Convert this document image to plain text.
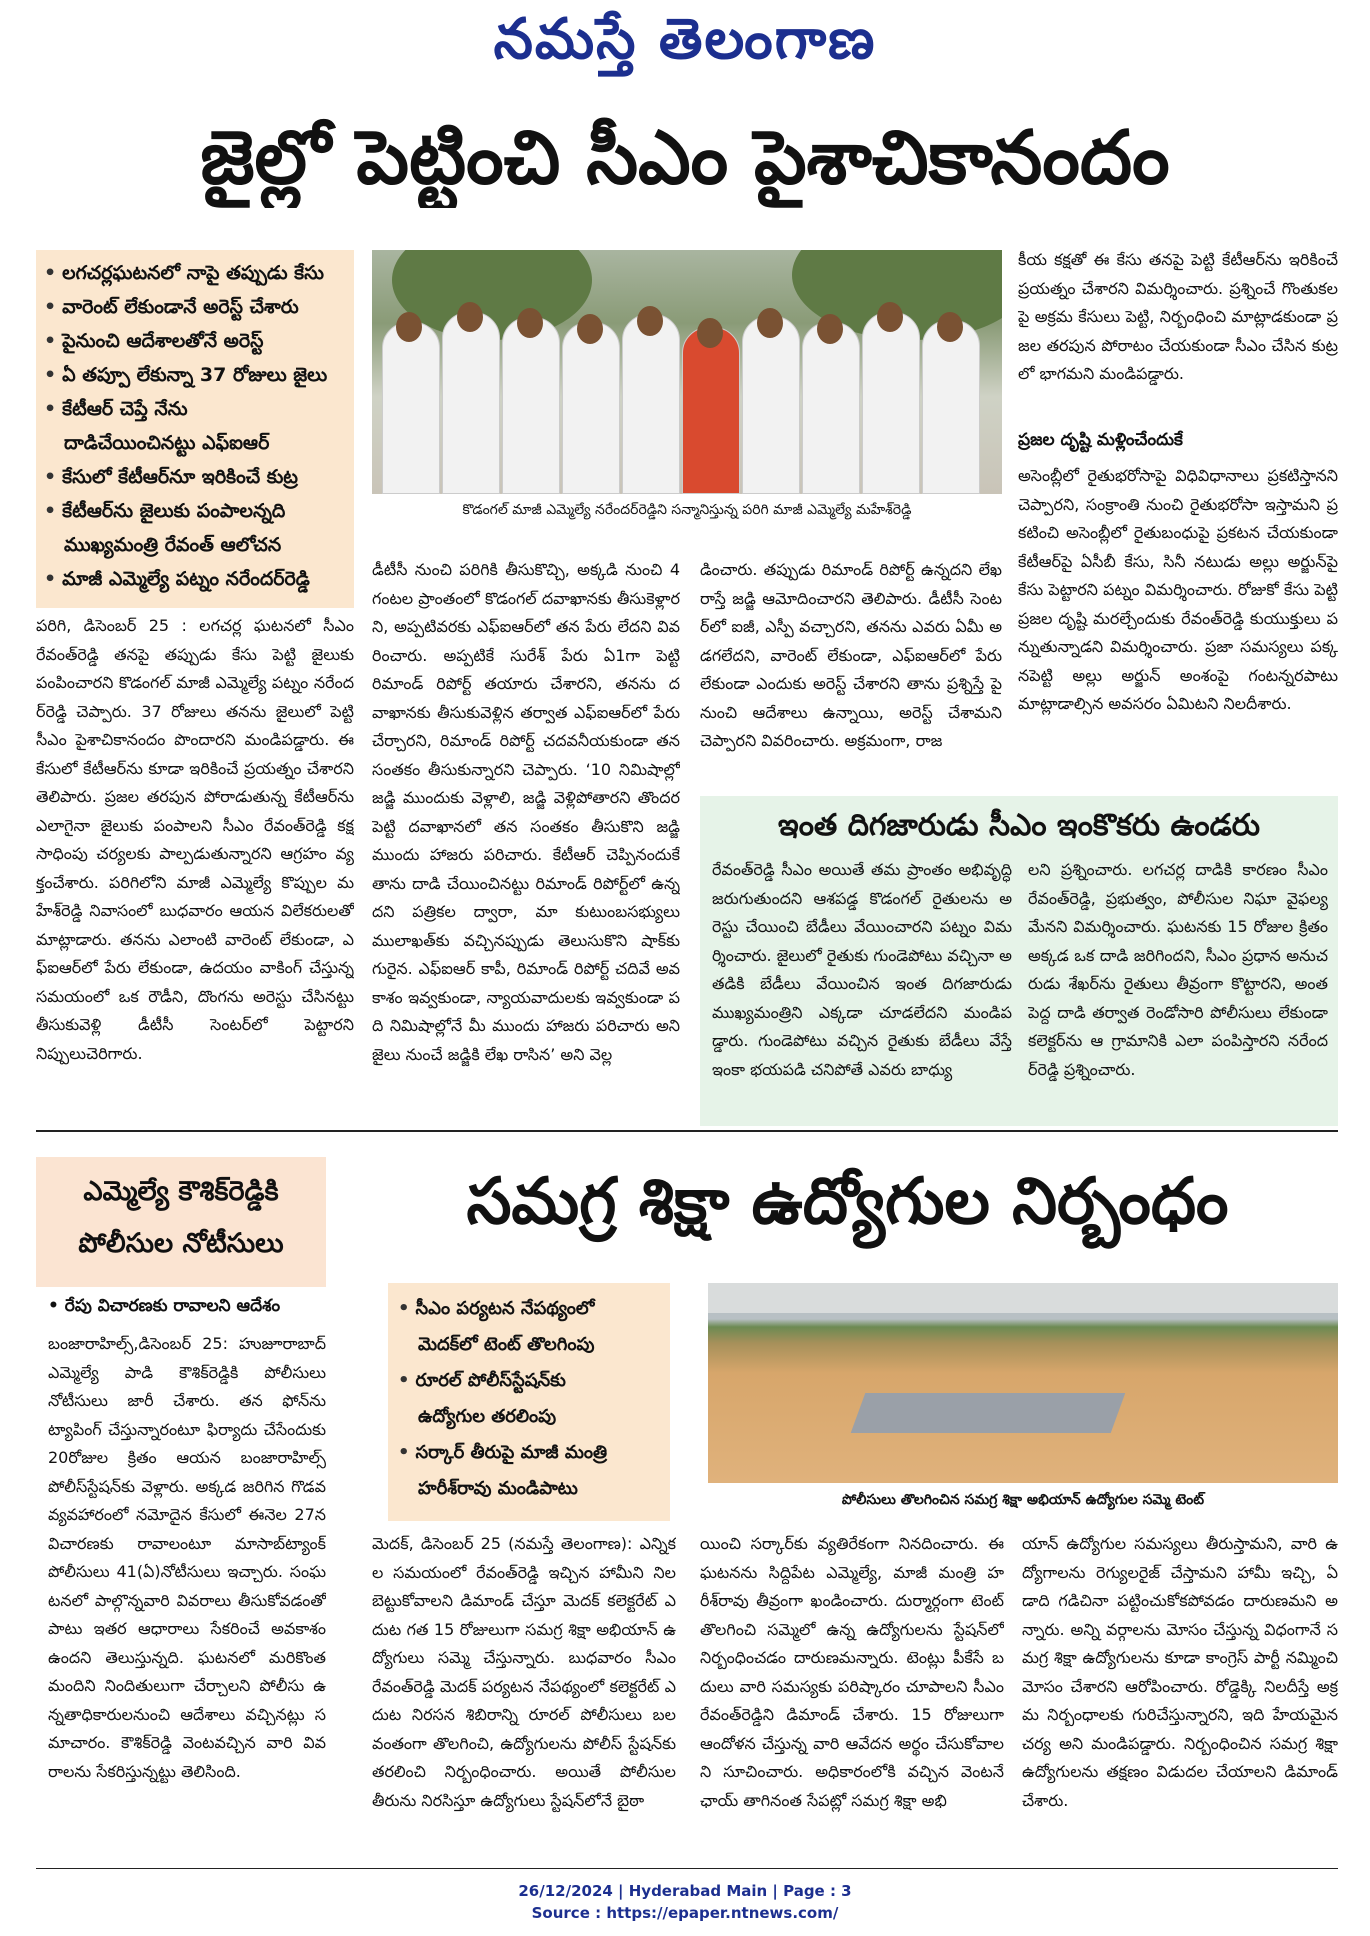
నమస్తే తెలంగాణ
జైల్లో పెట్టించి సీఎం పైశాచికానందం
• లగచర్లఘటనలో నాపై తప్పుడు కేసు
• వారెంట్ లేకుండానే అరెస్ట్ చేశారు
• పైనుంచి ఆదేశాలతోనే అరెస్ట్
• ఏ తప్పూ లేకున్నా 37 రోజులు జైలు
• కేటీఆర్ చెప్తే నేను
దాడిచేయించినట్టు ఎఫ్ఐఆర్
• కేసులో కేటీఆర్‌నూ ఇరికించే కుట్ర
• కేటీఆర్‌ను జైలుకు పంపాలన్నది
ముఖ్యమంత్రి రేవంత్ ఆలోచన
• మాజీ ఎమ్మెల్యే పట్నం నరేందర్‌రెడ్డి
కొడంగల్ మాజీ ఎమ్మెల్యే నరేందర్‌రెడ్డిని సన్మానిస్తున్న పరిగి మాజీ ఎమ్మెల్యే మహేశ్‌రెడ్డి
పరిగి, డిసెంబర్ 25 : లగచర్ల ఘటనలో సీఎం రేవంత్‌రెడ్డి తనపై తప్పుడు కేసు పెట్టి జైలుకు పంపించారని కొడంగల్ మాజీ ఎమ్మెల్యే పట్నం నరేందర్‌రెడ్డి చెప్పారు. 37 రోజులు తనను జైలులో పెట్టి సీఎం పైశాచికానందం పొందారని మండిపడ్డారు. ఈ కేసులో కేటీఆర్‌ను కూడా ఇరికించే ప్రయత్నం చేశారని తెలిపారు. ప్రజల తరపున పోరాడుతున్న కేటీఆర్‌ను ఎలాగైనా జైలుకు పంపాలని సీఎం రేవంత్‌రెడ్డి కక్ష సాధింపు చర్యలకు పాల్పడుతున్నారని ఆగ్రహం వ్యక్తంచేశారు. పరిగిలోని మాజీ ఎమ్మెల్యే కొప్పుల మహేశ్‌రెడ్డి నివాసంలో బుధవారం ఆయన విలేకరులతో మాట్లాడారు. తనను ఎలాంటి వారెంట్ లేకుండా, ఎఫ్ఐఆర్‌లో పేరు లేకుండా, ఉదయం వాకింగ్ చేస్తున్న సమయంలో ఒక రౌడీని, దొంగను అరెస్టు చేసినట్టు తీసుకువెళ్లి డీటీసీ సెంటర్‌లో పెట్టారని నిప్పులుచెరిగారు.
డీటీసీ నుంచి పరిగికి తీసుకొచ్చి, అక్కడి నుంచి 4 గంటల ప్రాంతంలో కొడంగల్ దవాఖానకు తీసుకెళ్లారని, అప్పటివరకు ఎఫ్ఐఆర్‌లో తన పేరు లేదని వివరించారు. అప్పటికే సురేశ్ పేరు ఏ1గా పెట్టి రిమాండ్ రిపోర్ట్ తయారు చేశారని, తనను దవాఖానకు తీసుకువెళ్లిన తర్వాత ఎఫ్ఐఆర్‌లో పేరు చేర్చారని, రిమాండ్ రిపోర్ట్ చదవనీయకుండా తన సంతకం తీసుకున్నారని చెప్పారు. ‘10 నిమిషాల్లో జడ్జి ముందుకు వెళ్లాలి, జడ్జి వెళ్లిపోతారని తొందర పెట్టి దవాఖానలో తన సంతకం తీసుకొని జడ్జి ముందు హాజరు పరిచారు. కేటీఆర్ చెప్పినందుకే తాను దాడి చేయించినట్టు రిమాండ్ రిపోర్ట్‌లో ఉన్నదని పత్రికల ద్వారా, మా కుటుంబసభ్యులు ములాఖత్‌కు వచ్చినప్పుడు తెలుసుకొని షాక్‌కు గురైన. ఎఫ్ఐఆర్ కాపీ, రిమాండ్ రిపోర్ట్ చదివే అవకాశం ఇవ్వకుండా, న్యాయవాదులకు ఇవ్వకుండా పది నిమిషాల్లోనే మీ ముందు హాజరు పరిచారు అని జైలు నుంచే జడ్జికి లేఖ రాసిన’ అని వెల్ల
డించారు. తప్పుడు రిమాండ్ రిపోర్ట్ ఉన్నదని లేఖ రాస్తే జడ్జి ఆమోదించారని తెలిపారు. డీటీసీ సెంటర్‌లో ఐజీ, ఎస్పీ వచ్చారని, తనను ఎవరు ఏమీ అడగలేదని, వారెంట్ లేకుండా, ఎఫ్ఐఆర్‌లో పేరు లేకుండా ఎందుకు అరెస్ట్ చేశారని తాను ప్రశ్నిస్తే పై నుంచి ఆదేశాలు ఉన్నాయి, అరెస్ట్ చేశామని చెప్పారని వివరించారు. అక్రమంగా, రాజ
కీయ కక్షతో ఈ కేసు తనపై పెట్టి కేటీఆర్‌ను ఇరికించే ప్రయత్నం చేశారని విమర్శించారు. ప్రశ్నించే గొంతుకలపై అక్రమ కేసులు పెట్టి, నిర్బంధించి మాట్లాడకుండా ప్రజల తరపున పోరాటం చేయకుండా సీఎం చేసిన కుట్రలో భాగమని మండిపడ్డారు.
ప్రజల దృష్టి మళ్లించేందుకే
అసెంబ్లీలో రైతుభరోసాపై విధివిధానాలు ప్రకటిస్తానని చెప్పారని, సంక్రాంతి నుంచి రైతుభరోసా ఇస్తామని ప్రకటించి అసెంబ్లీలో రైతుబంధుపై ప్రకటన చేయకుండా కేటీఆర్‌పై ఏసీబీ కేసు, సినీ నటుడు అల్లు అర్జున్‌పై కేసు పెట్టారని పట్నం విమర్శించారు. రోజుకో కేసు పెట్టి ప్రజల దృష్టి మరల్చేందుకు రేవంత్‌రెడ్డి కుయుక్తులు పన్నుతున్నాడని విమర్శించారు. ప్రజా సమస్యలు పక్కనపెట్టి అల్లు అర్జున్ అంశంపై గంటన్నరపాటు మాట్లాడాల్సిన అవసరం ఏమిటని నిలదీశారు.
ఇంత దిగజారుడు సీఎం ఇంకొకరు ఉండరు
రేవంత్‌రెడ్డి సీఎం అయితే తమ ప్రాంతం అభివృద్ధి జరుగుతుందని ఆశపడ్డ కొడంగల్ రైతులను అరెస్టు చేయించి బేడీలు వేయించారని పట్నం విమర్శించారు. జైలులో రైతుకు గుండెపోటు వచ్చినా అతడికి బేడీలు వేయించిన ఇంత దిగజారుడు ముఖ్యమంత్రిని ఎక్కడా చూడలేదని మండిపడ్డారు. గుండెపోటు వచ్చిన రైతుకు బేడీలు వేస్తే ఇంకా భయపడి చనిపోతే ఎవరు బాధ్యు
లని ప్రశ్నించారు. లగచర్ల దాడికి కారణం సీఎం రేవంత్‌రెడ్డి, ప్రభుత్వం, పోలీసుల నిఘా వైఫల్యమేనని విమర్శించారు. ఘటనకు 15 రోజుల క్రితం అక్కడ ఒక దాడి జరిగిందని, సీఎం ప్రధాన అనుచరుడు శేఖర్‌ను రైతులు తీవ్రంగా కొట్టారని, అంత పెద్ద దాడి తర్వాత రెండోసారి పోలీసులు లేకుండా కలెక్టర్‌ను ఆ గ్రామానికి ఎలా పంపిస్తారని నరేందర్‌రెడ్డి ప్రశ్నించారు.
ఎమ్మెల్యే కౌశిక్‌రెడ్డికి పోలీసుల నోటీసులు
• రేపు విచారణకు రావాలని ఆదేశం
బంజారాహిల్స్,డిసెంబర్ 25: హుజూరాబాద్ ఎమ్మెల్యే పాడి కౌశిక్‌రెడ్డికి పోలీసులు నోటీసులు జారీ చేశారు. తన ఫోన్‌ను ట్యాపింగ్ చేస్తున్నారంటూ ఫిర్యాదు చేసేందుకు 20రోజుల క్రితం ఆయన బంజారాహిల్స్ పోలీస్‌స్టేషన్‌కు వెళ్లారు. అక్కడ జరిగిన గొడవ వ్యవహారంలో నమోదైన కేసులో ఈనెల 27న విచారణకు రావాలంటూ మాసాబ్‌ట్యాంక్ పోలీసులు 41(ఏ)నోటీసులు ఇచ్చారు. సంఘటనలో పాల్గొన్నవారి వివరాలు తీసుకోవడంతో పాటు ఇతర ఆధారాలు సేకరించే అవకాశం ఉందని తెలుస్తున్నది. ఘటనలో మరికొంత మందిని నిందితులుగా చేర్చాలని పోలీసు ఉన్నతాధికారులనుంచి ఆదేశాలు వచ్చినట్లు స మాచారం. కౌశిక్‌రెడ్డి వెంటవచ్చిన వారి వివరాలను సేకరిస్తున్నట్టు తెలిసింది.
సమగ్ర శిక్షా ఉద్యోగుల నిర్బంధం
• సీఎం పర్యటన నేపథ్యంలో
మెదక్‌లో టెంట్ తొలగింపు
• రూరల్ పోలీస్‌స్టేషన్‌కు
ఉద్యోగుల తరలింపు
• సర్కార్ తీరుపై మాజీ మంత్రి
హరీశ్‌రావు మండిపాటు
పోలీసులు తొలగించిన సమగ్ర శిక్షా అభియాన్ ఉద్యోగుల సమ్మె టెంట్
మెదక్, డిసెంబర్ 25 (నమస్తే తెలంగాణ): ఎన్నికల సమయంలో రేవంత్‌రెడ్డి ఇచ్చిన హామీని నిలబెట్టుకోవాలని డిమాండ్ చేస్తూ మెదక్ కలెక్టరేట్ ఎదుట గత 15 రోజులుగా సమగ్ర శిక్షా అభియాన్ ఉద్యోగులు సమ్మె చేస్తున్నారు. బుధవారం సీఎం రేవంత్‌రెడ్డి మెదక్ పర్యటన నేపథ్యంలో కలెక్టరేట్ ఎదుట నిరసన శిబిరాన్ని రూరల్ పోలీసులు బలవంతంగా తొలగించి, ఉద్యోగులను పోలీస్ స్టేషన్‌కు తరలించి నిర్బంధించారు. అయితే పోలీసుల తీరును నిరసిస్తూ ఉద్యోగులు స్టేషన్‌లోనే బైఠా
యించి సర్కార్‌కు వ్యతిరేకంగా నినదించారు. ఈ ఘటనను సిద్దిపేట ఎమ్మెల్యే, మాజీ మంత్రి హరీశ్‌రావు తీవ్రంగా ఖండించారు. దుర్మార్గంగా టెంట్ తొలగించి సమ్మెలో ఉన్న ఉద్యోగులను స్టేషన్‌లో నిర్బంధించడం దారుణమన్నారు. టెంట్లు పీకేసే బదులు వారి సమస్యకు పరిష్కారం చూపాలని సీఎం రేవంత్‌రెడ్డిని డిమాండ్ చేశారు. 15 రోజులుగా ఆందోళన చేస్తున్న వారి ఆవేదన అర్థం చేసుకోవాలని సూచించారు. అధికారంలోకి వచ్చిన వెంటనే ఛాయ్ తాగినంత సేపట్లో సమగ్ర శిక్షా అభి
యాన్ ఉద్యోగుల సమస్యలు తీరుస్తామని, వారి ఉద్యోగాలను రెగ్యులరైజ్ చేస్తామని హామీ ఇచ్చి, ఏడాది గడిచినా పట్టించుకోకపోవడం దారుణమని అన్నారు. అన్ని వర్గాలను మోసం చేస్తున్న విధంగానే సమగ్ర శిక్షా ఉద్యోగులను కూడా కాంగ్రెస్ పార్టీ నమ్మించి మోసం చేశారని ఆరోపించారు. రోడ్డెక్కి నిలదీస్తే అక్రమ నిర్బంధాలకు గురిచేస్తున్నారని, ఇది హేయమైన చర్య అని మండిపడ్డారు. నిర్బంధించిన సమగ్ర శిక్షా ఉద్యోగులను తక్షణం విడుదల చేయాలని డిమాండ్ చేశారు.
26/12/2024 | Hyderabad Main | Page : 3
Source : https://epaper.ntnews.com/
